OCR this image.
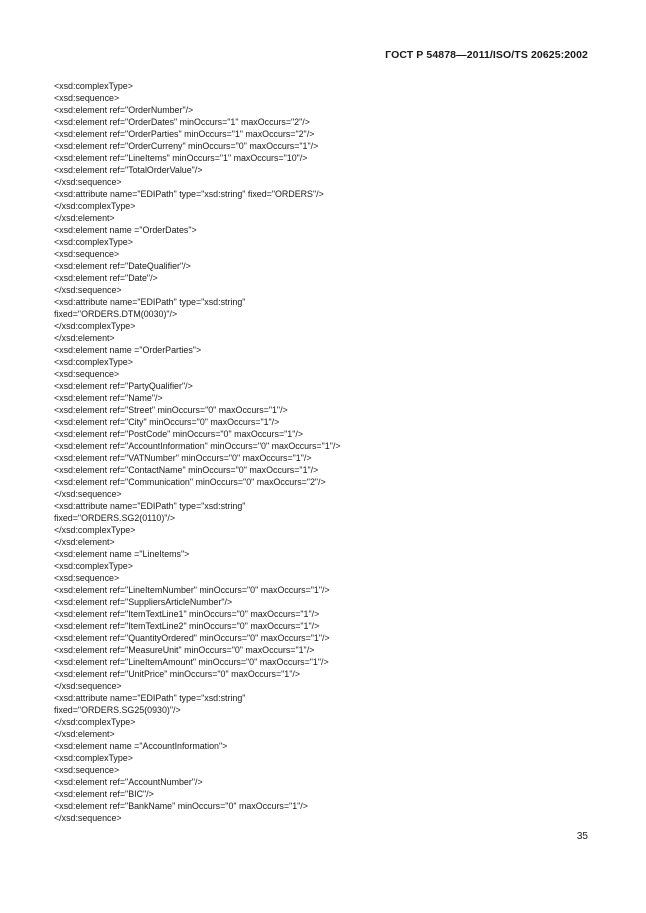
ГОСТ Р 54878—2011/ISO/TS 20625:2002
<xsd:complexType>
<xsd:sequence>
<xsd:element ref="OrderNumber"/>
<xsd:element ref="OrderDates" minOccurs="1" maxOccurs="2"/>
<xsd:element ref="OrderParties" minOccurs="1" maxOccurs="2"/>
<xsd:element ref="OrderCurreny" minOccurs="0" maxOccurs="1"/>
<xsd:element ref="LineItems" minOccurs="1" maxOccurs="10"/>
<xsd:element ref="TotalOrderValue"/>
</xsd:sequence>
<xsd:attribute name="EDIPath" type="xsd:string" fixed="ORDERS"/>
</xsd:complexType>
</xsd:element>
<xsd:element name ="OrderDates">
<xsd:complexType>
<xsd:sequence>
<xsd:element ref="DateQualifier"/>
<xsd:element ref="Date"/>
</xsd:sequence>
<xsd:attribute name="EDIPath" type="xsd:string"
fixed="ORDERS.DTM(0030)"/>
</xsd:complexType>
</xsd:element>
<xsd:element name ="OrderParties">
<xsd:complexType>
<xsd:sequence>
<xsd:element ref="PartyQualifier"/>
<xsd:element ref="Name"/>
<xsd:element ref="Street" minOccurs="0" maxOccurs="1"/>
<xsd:element ref="City" minOccurs="0" maxOccurs="1"/>
<xsd:element ref="PostCode" minOccurs="0" maxOccurs="1"/>
<xsd:element ref="AccountInformation" minOccurs="0" maxOccurs="1"/>
<xsd:element ref="VATNumber" minOccurs="0" maxOccurs="1"/>
<xsd:element ref="ContactName" minOccurs="0" maxOccurs="1"/>
<xsd:element ref="Communication" minOccurs="0" maxOccurs="2"/>
</xsd:sequence>
<xsd:attribute name="EDIPath" type="xsd:string"
fixed="ORDERS.SG2(0110)"/>
</xsd:complexType>
</xsd:element>
<xsd:element name ="LineItems">
<xsd:complexType>
<xsd:sequence>
<xsd:element ref="LineItemNumber" minOccurs="0" maxOccurs="1"/>
<xsd:element ref="SuppliersArticleNumber"/>
<xsd:element ref="ItemTextLine1" minOccurs="0" maxOccurs="1"/>
<xsd:element ref="ItemTextLine2" minOccurs="0" maxOccurs="1"/>
<xsd:element ref="QuantityOrdered" minOccurs="0" maxOccurs="1"/>
<xsd:element ref="MeasureUnit" minOccurs="0" maxOccurs="1"/>
<xsd:element ref="LineItemAmount" minOccurs="0" maxOccurs="1"/>
<xsd:element ref="UnitPrice" minOccurs="0" maxOccurs="1"/>
</xsd:sequence>
<xsd:attribute name="EDIPath" type="xsd:string"
fixed="ORDERS.SG25(0930)"/>
</xsd:complexType>
</xsd:element>
<xsd:element name ="AccountInformation">
<xsd:complexType>
<xsd:sequence>
<xsd:element ref="AccountNumber"/>
<xsd:element ref="BIC"/>
<xsd:element ref="BankName" minOccurs="0" maxOccurs="1"/>
</xsd:sequence>
35
